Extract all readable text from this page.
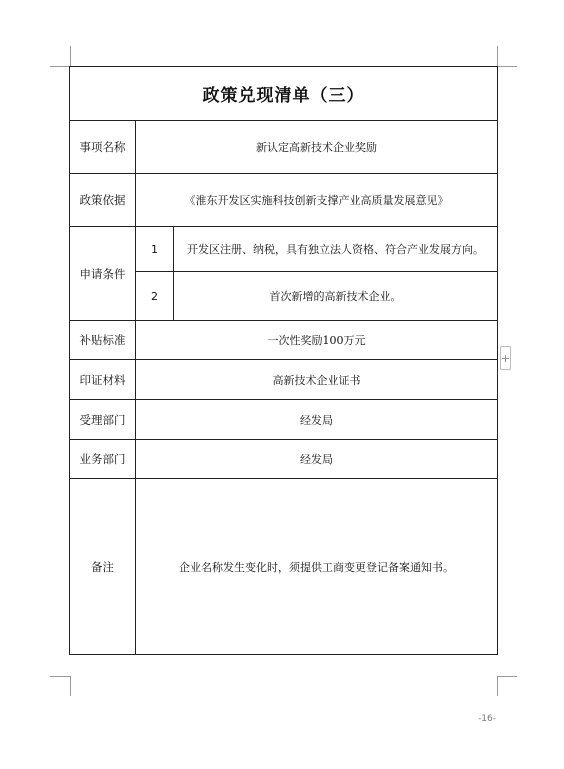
政策兑现清单（三）
事项名称	新认定高新技术企业奖励
政策依据	《淮东开发区实施科技创新支撑产业高质量发展意见》
申请条件
1	开发区注册、纳税，具有独立法人资格、符合产业发展方向。
2	首次新增的高新技术企业。
补贴标准	一次性奖励100万元
印证材料	高新技术企业证书
受理部门	经发局
业务部门	经发局
备注	企业名称发生变化时，须提供工商变更登记备案通知书。
+
-16-
